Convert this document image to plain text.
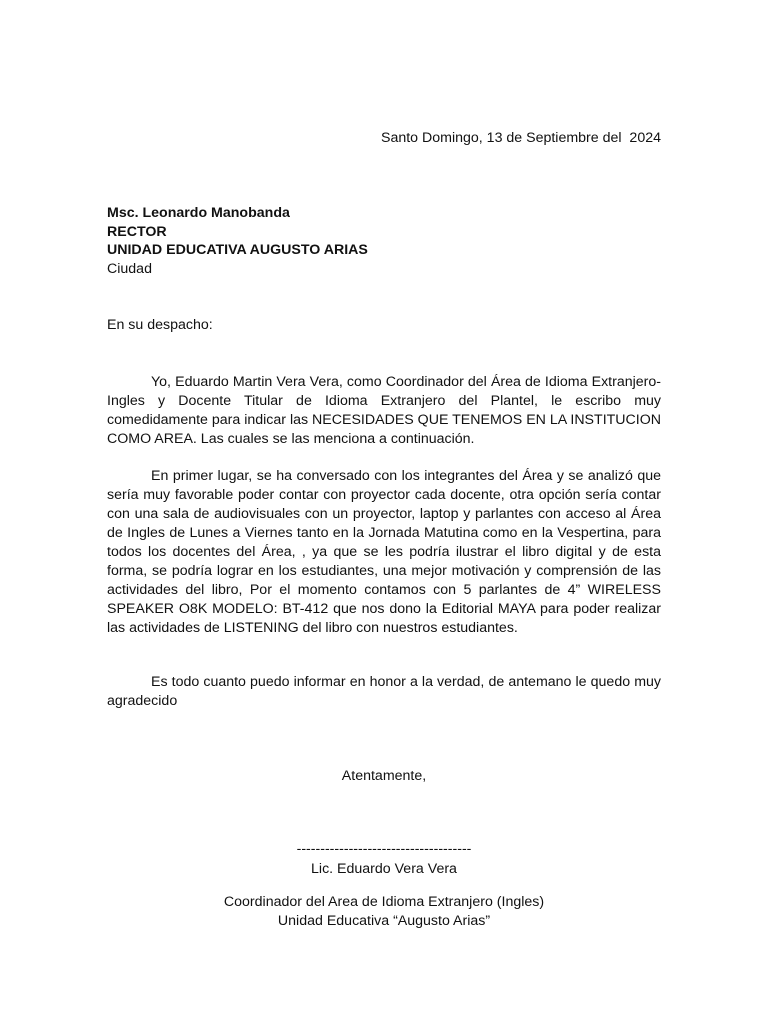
Santo Domingo, 13 de Septiembre del  2024
Msc. Leonardo Manobanda
RECTOR
UNIDAD EDUCATIVA AUGUSTO ARIAS
Ciudad
En su despacho:
Yo, Eduardo Martin Vera Vera, como Coordinador del Área de Idioma Extranjero-Ingles y Docente Titular de Idioma Extranjero del Plantel, le escribo muy comedidamente para indicar las NECESIDADES QUE TENEMOS EN LA INSTITUCION COMO AREA. Las cuales se las menciona a continuación.
En primer lugar, se ha conversado con los integrantes del Área y se analizó que sería muy favorable poder contar con proyector cada docente, otra opción sería contar con una sala de audiovisuales con un proyector, laptop y parlantes con acceso al Área de Ingles de Lunes a Viernes tanto en la Jornada Matutina como en la Vespertina, para todos los docentes del Área, , ya que se les podría ilustrar el libro digital y de esta forma, se podría lograr en los estudiantes, una mejor motivación y comprensión de las actividades del libro, Por el momento contamos con 5 parlantes de 4” WIRELESS SPEAKER O8K MODELO: BT-412 que nos dono la Editorial MAYA para poder realizar las actividades de LISTENING del libro con nuestros estudiantes.
Es todo cuanto puedo informar en honor a la verdad, de antemano le quedo muy agradecido
Atentamente,
-------------------------------------
Lic. Eduardo Vera Vera
Coordinador del Area de Idioma Extranjero (Ingles)
Unidad Educativa “Augusto Arias”
